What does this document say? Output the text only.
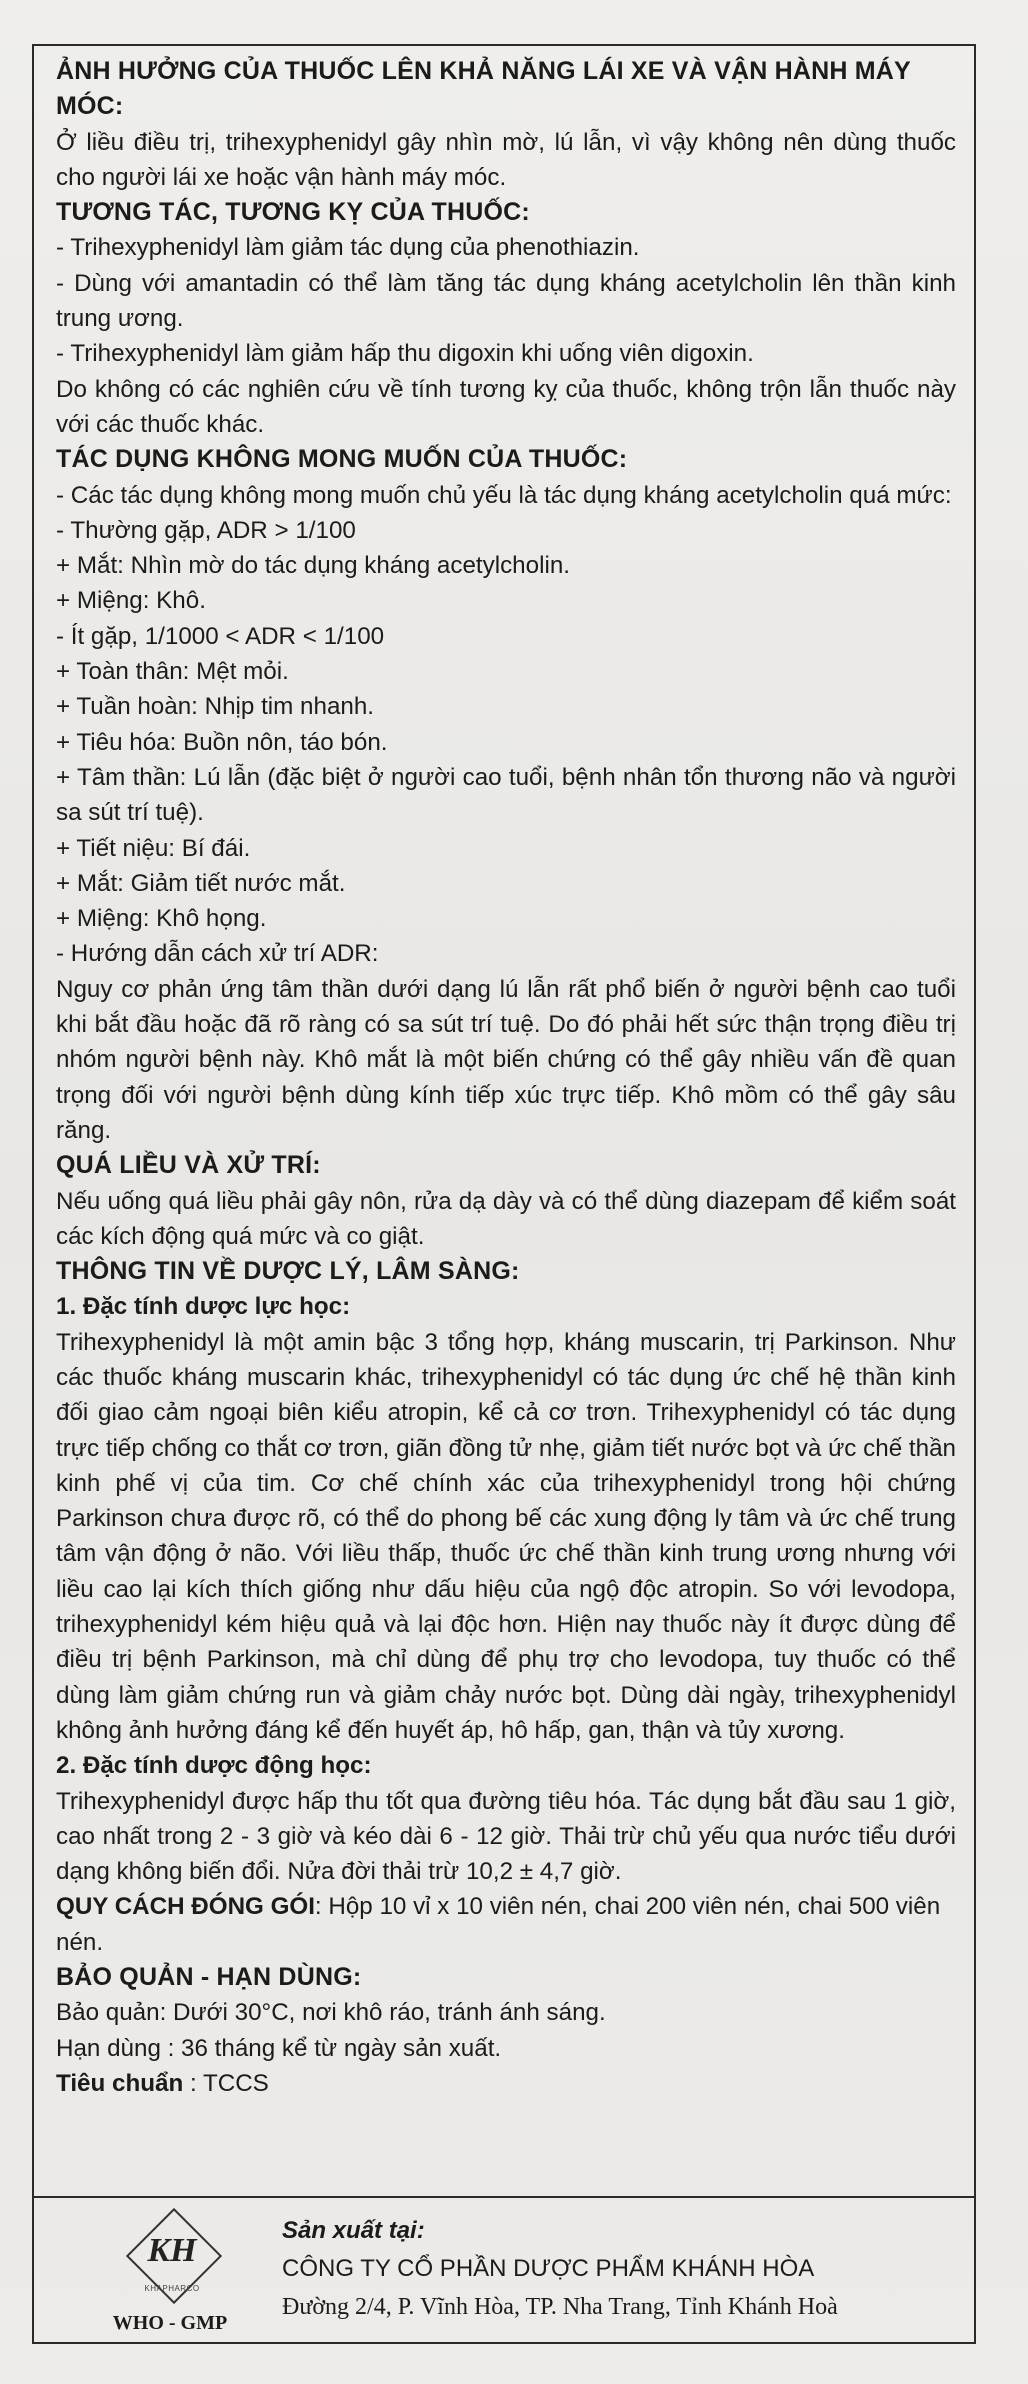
ẢNH HƯỞNG CỦA THUỐC LÊN KHẢ NĂNG LÁI XE VÀ VẬN HÀNH MÁY MÓC:
Ở liều điều trị, trihexyphenidyl gây nhìn mờ, lú lẫn, vì vậy không nên dùng thuốc cho người lái xe hoặc vận hành máy móc.
TƯƠNG TÁC, TƯƠNG KỴ CỦA THUỐC:
- Trihexyphenidyl làm giảm tác dụng của phenothiazin.
- Dùng với amantadin có thể làm tăng tác dụng kháng acetylcholin lên thần kinh trung ương.
- Trihexyphenidyl làm giảm hấp thu digoxin khi uống viên digoxin.
Do không có các nghiên cứu về tính tương kỵ của thuốc, không trộn lẫn thuốc này với các thuốc khác.
TÁC DỤNG KHÔNG MONG MUỐN CỦA THUỐC:
- Các tác dụng không mong muốn chủ yếu là tác dụng kháng acetylcholin quá mức:
- Thường gặp, ADR > 1/100
+ Mắt: Nhìn mờ do tác dụng kháng acetylcholin.
+ Miệng: Khô.
- Ít gặp, 1/1000 < ADR < 1/100
+ Toàn thân: Mệt mỏi.
+ Tuần hoàn: Nhịp tim nhanh.
+ Tiêu hóa: Buồn nôn, táo bón.
+ Tâm thần: Lú lẫn (đặc biệt ở người cao tuổi, bệnh nhân tổn thương não và người sa sút trí tuệ).
+ Tiết niệu: Bí đái.
+ Mắt: Giảm tiết nước mắt.
+ Miệng: Khô họng.
- Hướng dẫn cách xử trí ADR:
Nguy cơ phản ứng tâm thần dưới dạng lú lẫn rất phổ biến ở người bệnh cao tuổi khi bắt đầu hoặc đã rõ ràng có sa sút trí tuệ. Do đó phải hết sức thận trọng điều trị nhóm người bệnh này. Khô mắt là một biến chứng có thể gây nhiều vấn đề quan trọng đối với người bệnh dùng kính tiếp xúc trực tiếp. Khô mồm có thể gây sâu răng.
QUÁ LIỀU VÀ XỬ TRÍ:
Nếu uống quá liều phải gây nôn, rửa dạ dày và có thể dùng diazepam để kiểm soát các kích động quá mức và co giật.
THÔNG TIN VỀ DƯỢC LÝ, LÂM SÀNG:
1. Đặc tính dược lực học:
Trihexyphenidyl là một amin bậc 3 tổng hợp, kháng muscarin, trị Parkinson. Như các thuốc kháng muscarin khác, trihexyphenidyl có tác dụng ức chế hệ thần kinh đối giao cảm ngoại biên kiểu atropin, kể cả cơ trơn. Trihexyphenidyl có tác dụng trực tiếp chống co thắt cơ trơn, giãn đồng tử nhẹ, giảm tiết nước bọt và ức chế thần kinh phế vị của tim. Cơ chế chính xác của trihexyphenidyl trong hội chứng Parkinson chưa được rõ, có thể do phong bế các xung động ly tâm và ức chế trung tâm vận động ở não. Với liều thấp, thuốc ức chế thần kinh trung ương nhưng với liều cao lại kích thích giống như dấu hiệu của ngộ độc atropin. So với levodopa, trihexyphenidyl kém hiệu quả và lại độc hơn. Hiện nay thuốc này ít được dùng để điều trị bệnh Parkinson, mà chỉ dùng để phụ trợ cho levodopa, tuy thuốc có thể dùng làm giảm chứng run và giảm chảy nước bọt. Dùng dài ngày, trihexyphenidyl không ảnh hưởng đáng kể đến huyết áp, hô hấp, gan, thận và tủy xương.
2. Đặc tính dược động học:
Trihexyphenidyl được hấp thu tốt qua đường tiêu hóa. Tác dụng bắt đầu sau 1 giờ, cao nhất trong 2 - 3 giờ và kéo dài 6 - 12 giờ. Thải trừ chủ yếu qua nước tiểu dưới dạng không biến đổi. Nửa đời thải trừ 10,2 ± 4,7 giờ.
QUY CÁCH ĐÓNG GÓI: Hộp 10 vỉ x 10 viên nén, chai 200 viên nén, chai 500 viên nén.
BẢO QUẢN - HẠN DÙNG:
Bảo quản: Dưới 30°C, nơi khô ráo, tránh ánh sáng.
Hạn dùng : 36 tháng kể từ ngày sản xuất.
Tiêu chuẩn : TCCS
KH
KHAPHARCO
WHO - GMP
Sản xuất tại:
CÔNG TY CỔ PHẦN DƯỢC PHẨM KHÁNH HÒA
Đường 2/4, P. Vĩnh Hòa, TP. Nha Trang, Tỉnh Khánh Hoà
